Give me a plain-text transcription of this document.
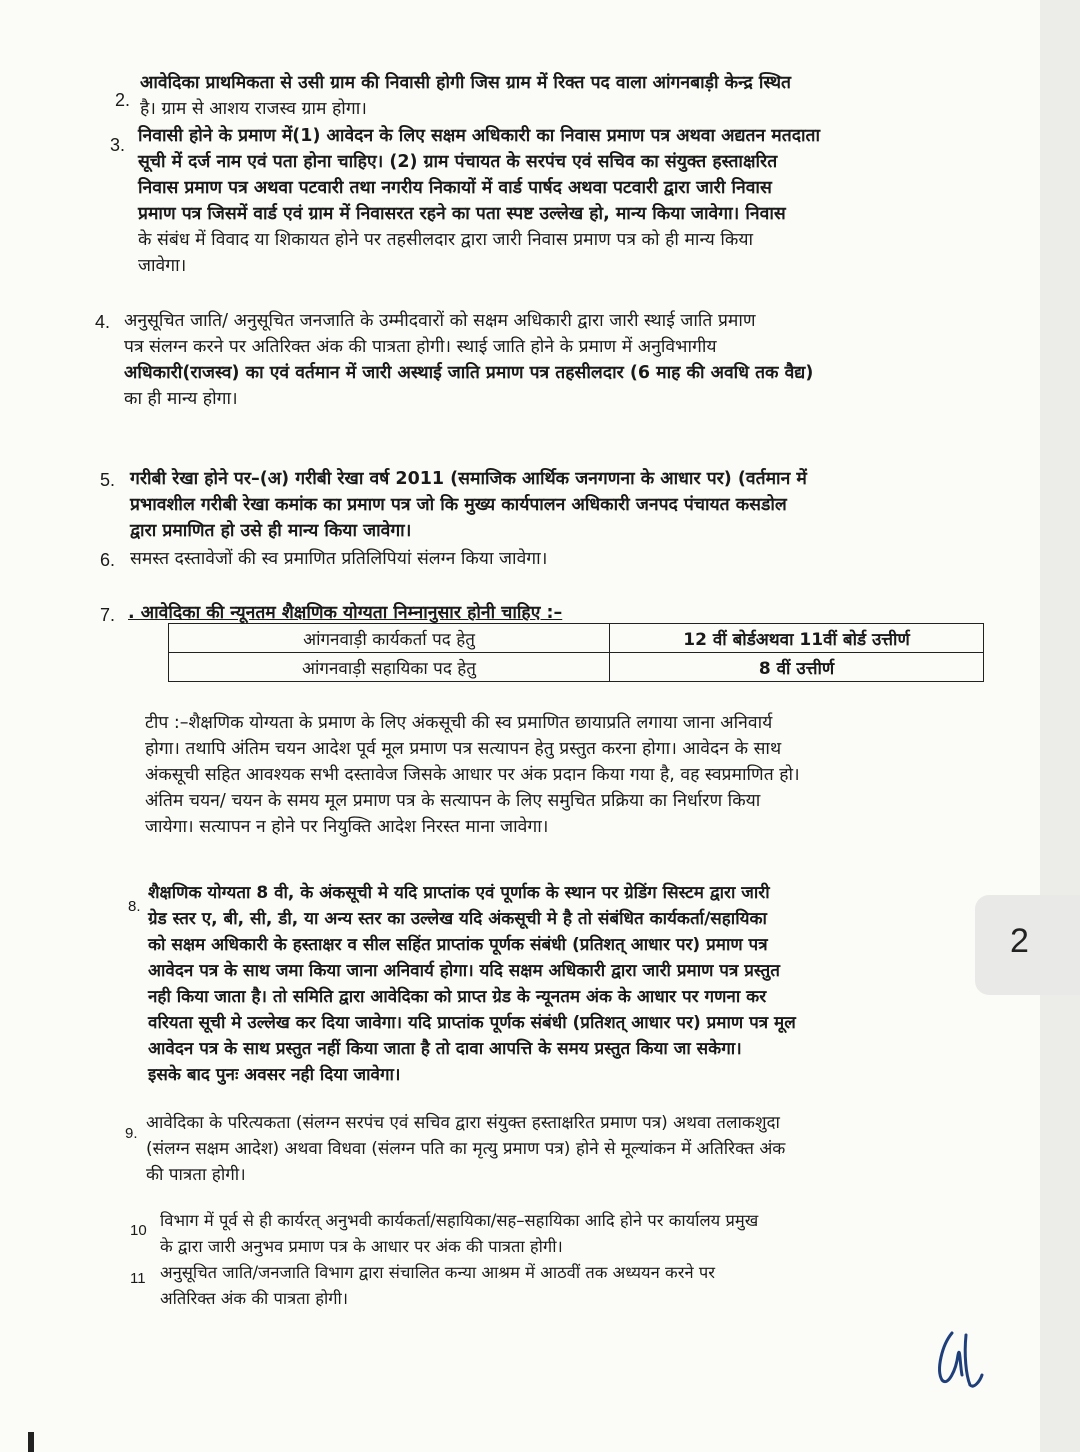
2
2.
आवेदिका प्राथमिकता से उसी ग्राम की निवासी होगी जिस ग्राम में रिक्त पद वाला आंगनबाड़ी केन्द्र स्थित
है। ग्राम से आशय राजस्व ग्राम होगा।
3. निवासी होने के प्रमाण में(1) आवेदन के लिए सक्षम अधिकारी का निवास प्रमाण पत्र अथवा अद्यतन मतदाता
सूची में दर्ज नाम एवं पता होना चाहिए। (2) ग्राम पंचायत के सरपंच एवं सचिव का संयुक्त हस्ताक्षरित
निवास प्रमाण पत्र अथवा पटवारी तथा नगरीय निकायों में वार्ड पार्षद अथवा पटवारी द्वारा जारी निवास
प्रमाण पत्र जिसमें वार्ड एवं ग्राम में निवासरत रहने का पता स्पष्ट उल्लेख हो, मान्य किया जावेगा। निवास
के संबंध में विवाद या शिकायत होने पर तहसीलदार द्वारा जारी निवास प्रमाण पत्र को ही मान्य किया
जावेगा।
4. अनुसूचित जाति/ अनुसूचित जनजाति के उम्मीदवारों को सक्षम अधिकारी द्वारा जारी स्थाई जाति प्रमाण
पत्र संलग्न करने पर अतिरिक्त अंक की पात्रता होगी। स्थाई जाति होने के प्रमाण में अनुविभागीय
अधिकारी(राजस्व) का एवं वर्तमान में जारी अस्थाई जाति प्रमाण पत्र तहसीलदार (6 माह की अवधि तक वैद्य)
का ही मान्य होगा।
5. गरीबी रेखा होने पर–(अ) गरीबी रेखा वर्ष 2011 (समाजिक आर्थिक जनगणना के आधार पर) (वर्तमान में
प्रभावशील गरीबी रेखा कमांक का प्रमाण पत्र जो कि मुख्य कार्यपालन अधिकारी जनपद पंचायत कसडोल
द्वारा प्रमाणित हो उसे ही मान्य किया जावेगा।
6. समस्त दस्तावेजों की स्व प्रमाणित प्रतिलिपियां संलग्न किया जावेगा।
7. . आवेदिका की न्यूनतम शैक्षणिक योग्यता निम्नानुसार होनी चाहिए :–
आंगनवाड़ी कार्यकर्ता पद हेतु	12 वीं बोर्डअथवा 11वीं बोर्ड उत्तीर्ण
आंगनवाड़ी सहायिका पद हेतु	8 वीं उत्तीर्ण
टीप :–शैक्षणिक योग्यता के प्रमाण के लिए अंकसूची की स्व प्रमाणित छायाप्रति लगाया जाना अनिवार्य
होगा। तथापि अंतिम चयन आदेश पूर्व मूल प्रमाण पत्र सत्यापन हेतु प्रस्तुत करना होगा। आवेदन के साथ
अंकसूची सहित आवश्यक सभी दस्तावेज जिसके आधार पर अंक प्रदान किया गया है, वह स्वप्रमाणित हो।
अंतिम चयन/ चयन के समय मूल प्रमाण पत्र के सत्यापन के लिए समुचित प्रक्रिया का निर्धारण किया
जायेगा। सत्यापन न होने पर नियुक्ति आदेश निरस्त माना जावेगा।
8.
शैक्षणिक योग्यता 8 वी, के अंकसूची मे यदि प्राप्तांक एवं पूर्णाक के स्थान पर ग्रेडिंग सिस्टम द्वारा जारी
ग्रेड स्तर ए, बी, सी, डी, या अन्य स्तर का उल्लेख यदि अंकसूची मे है तो संबंधित कार्यकर्ता/सहायिका
को सक्षम अधिकारी के हस्ताक्षर व सील सहिंत प्राप्तांक पूर्णक संबंधी (प्रतिशत् आधार पर) प्रमाण पत्र
आवेदन पत्र के साथ जमा किया जाना अनिवार्य होगा। यदि सक्षम अधिकारी द्वारा जारी प्रमाण पत्र प्रस्तुत
नही किया जाता है। तो समिति द्वारा आवेदिका को प्राप्त ग्रेड के न्यूनतम अंक के आधार पर गणना कर
वरियता सूची मे उल्लेख कर दिया जावेगा। यदि प्राप्तांक पूर्णक संबंधी (प्रतिशत् आधार पर) प्रमाण पत्र मूल
आवेदन पत्र के साथ प्रस्तुत नहीं किया जाता है तो दावा आपत्ति के समय प्रस्तुत किया जा सकेगा।
इसके बाद पुनः अवसर नही दिया जावेगा।
9.
आवेदिका के परित्यकता (संलग्न सरपंच एवं सचिव द्वारा संयुक्त हस्ताक्षरित प्रमाण पत्र) अथवा तलाकशुदा
(संलग्न सक्षम आदेश) अथवा विधवा (संलग्न पति का मृत्यु प्रमाण पत्र) होने से मूल्यांकन में अतिरिक्त अंक
की पात्रता होगी।
10
विभाग में पूर्व से ही कार्यरत् अनुभवी कार्यकर्ता/सहायिका/सह–सहायिका आदि होने पर कार्यालय प्रमुख
के द्वारा जारी अनुभव प्रमाण पत्र के आधार पर अंक की पात्रता होगी।
11 अनुसूचित जाति/जनजाति विभाग द्वारा संचालित कन्या आश्रम में आठवीं तक अध्ययन करने पर
अतिरिक्त अंक की पात्रता होगी।
